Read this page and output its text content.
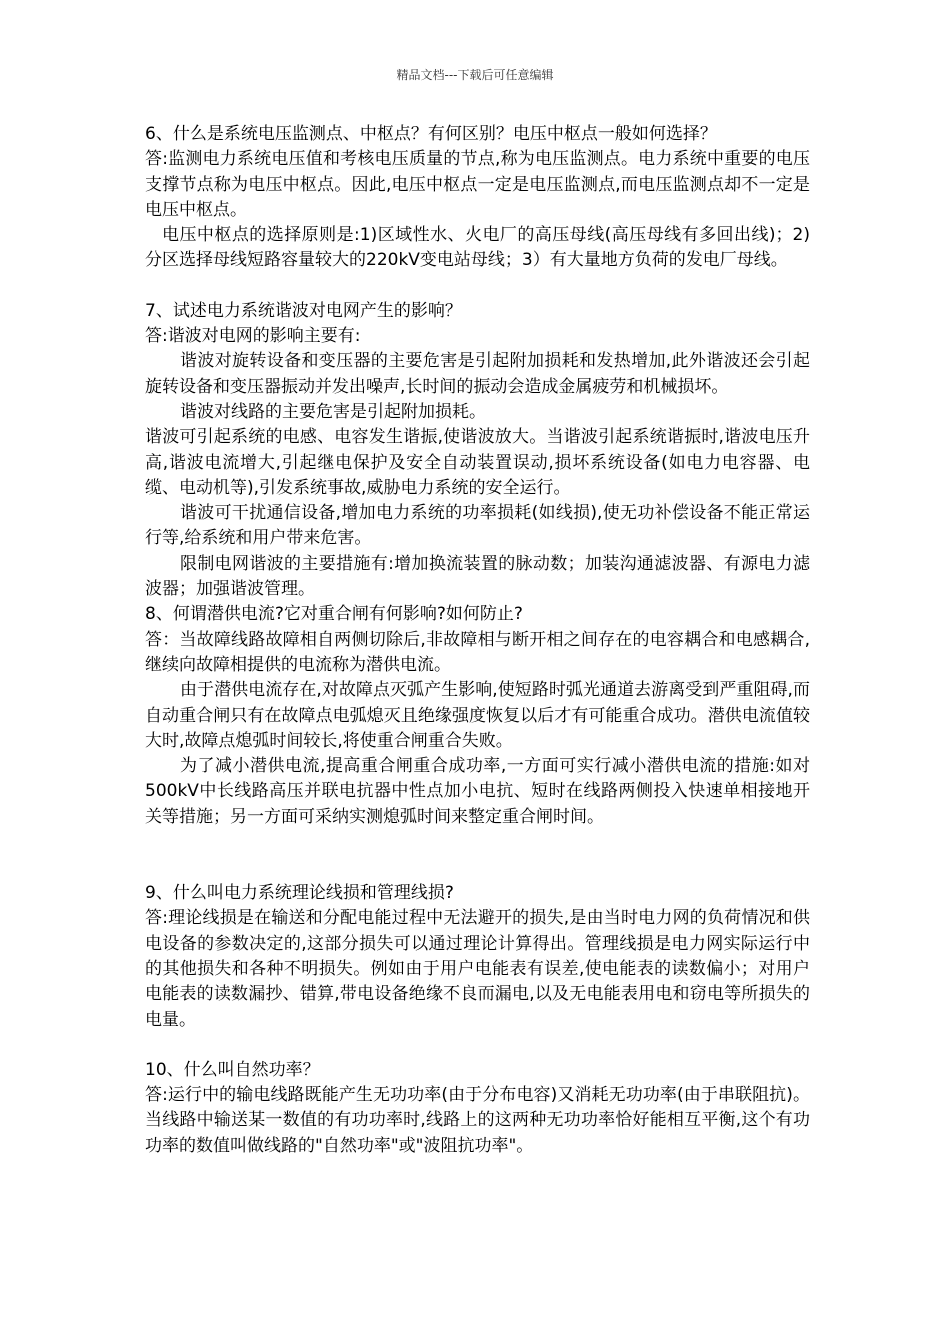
精品文档---下载后可任意编辑

6、什么是系统电压监测点、中枢点？有何区别？电压中枢点一般如何选择？

答:监测电力系统电压值和考核电压质量的节点,称为电压监测点。电力系统中重要的电压支撑节点称为电压中枢点。因此,电压中枢点一定是电压监测点,而电压监测点却不一定是电压中枢点。

电压中枢点的选择原则是:1)区域性水、火电厂的高压母线(高压母线有多回出线)；2)分区选择母线短路容量较大的220kV变电站母线；3）有大量地方负荷的发电厂母线。

7、试述电力系统谐波对电网产生的影响？

答:谐波对电网的影响主要有:

谐波对旋转设备和变压器的主要危害是引起附加损耗和发热增加,此外谐波还会引起旋转设备和变压器振动并发出噪声,长时间的振动会造成金属疲劳和机械损坏。

谐波对线路的主要危害是引起附加损耗。

谐波可引起系统的电感、电容发生谐振,使谐波放大。当谐波引起系统谐振时,谐波电压升高,谐波电流增大,引起继电保护及安全自动装置误动,损坏系统设备(如电力电容器、电缆、电动机等),引发系统事故,威胁电力系统的安全运行。

谐波可干扰通信设备,增加电力系统的功率损耗(如线损),使无功补偿设备不能正常运行等,给系统和用户带来危害。

限制电网谐波的主要措施有:增加换流装置的脉动数；加装沟通滤波器、有源电力滤波器；加强谐波管理。

8、何谓潜供电流?它对重合闸有何影响?如何防止?

答：当故障线路故障相自两侧切除后,非故障相与断开相之间存在的电容耦合和电感耦合,继续向故障相提供的电流称为潜供电流。

由于潜供电流存在,对故障点灭弧产生影响,使短路时弧光通道去游离受到严重阻碍,而自动重合闸只有在故障点电弧熄灭且绝缘强度恢复以后才有可能重合成功。潜供电流值较大时,故障点熄弧时间较长,将使重合闸重合失败。

为了减小潜供电流,提高重合闸重合成功率,一方面可实行减小潜供电流的措施:如对500kV中长线路高压并联电抗器中性点加小电抗、短时在线路两侧投入快速单相接地开关等措施；另一方面可采纳实测熄弧时间来整定重合闸时间。

9、什么叫电力系统理论线损和管理线损?

答:理论线损是在输送和分配电能过程中无法避开的损失,是由当时电力网的负荷情况和供电设备的参数决定的,这部分损失可以通过理论计算得出。管理线损是电力网实际运行中的其他损失和各种不明损失。例如由于用户电能表有误差,使电能表的读数偏小；对用户电能表的读数漏抄、错算,带电设备绝缘不良而漏电,以及无电能表用电和窃电等所损失的电量。

10、什么叫自然功率？

答:运行中的输电线路既能产生无功功率(由于分布电容)又消耗无功功率(由于串联阻抗)。当线路中输送某一数值的有功功率时,线路上的这两种无功功率恰好能相互平衡,这个有功功率的数值叫做线路的"自然功率"或"波阻抗功率"。
